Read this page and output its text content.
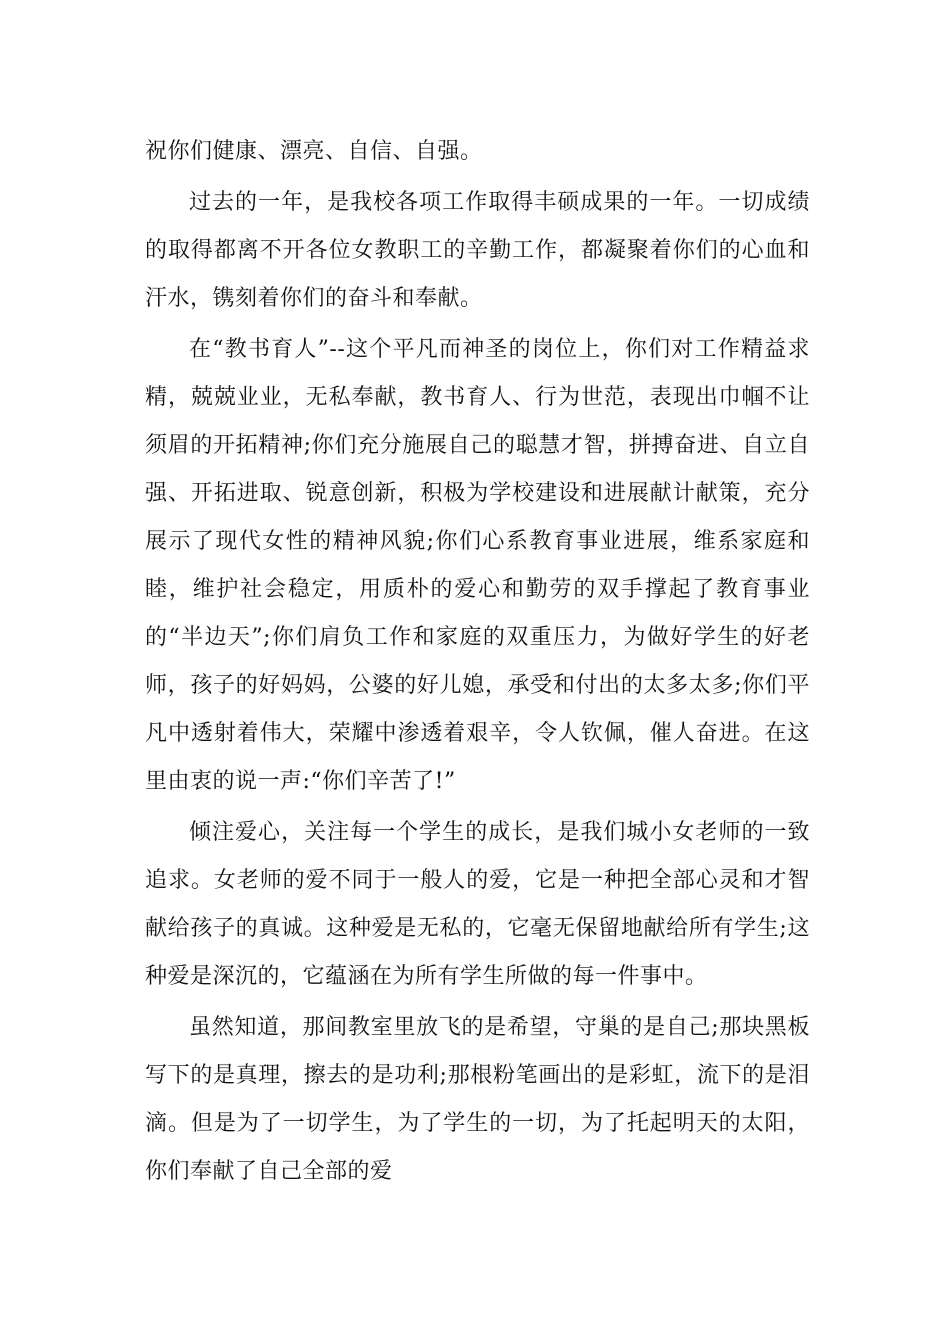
祝你们健康、漂亮、自信、自强。

过去的一年，是我校各项工作取得丰硕成果的一年。一切成绩的取得都离不开各位女教职工的辛勤工作，都凝聚着你们的心血和汗水，镌刻着你们的奋斗和奉献。

在“教书育人”--这个平凡而神圣的岗位上，你们对工作精益求精，兢兢业业，无私奉献，教书育人、行为世范，表现出巾帼不让须眉的开拓精神;你们充分施展自己的聪慧才智，拼搏奋进、自立自强、开拓进取、锐意创新，积极为学校建设和进展献计献策，充分展示了现代女性的精神风貌;你们心系教育事业进展，维系家庭和睦，维护社会稳定，用质朴的爱心和勤劳的双手撑起了教育事业的“半边天”;你们肩负工作和家庭的双重压力，为做好学生的好老师，孩子的好妈妈，公婆的好儿媳，承受和付出的太多太多;你们平凡中透射着伟大，荣耀中渗透着艰辛，令人钦佩，催人奋进。在这里由衷的说一声:“你们辛苦了!”

倾注爱心，关注每一个学生的成长，是我们城小女老师的一致追求。女老师的爱不同于一般人的爱，它是一种把全部心灵和才智献给孩子的真诚。这种爱是无私的，它毫无保留地献给所有学生;这种爱是深沉的，它蕴涵在为所有学生所做的每一件事中。

虽然知道，那间教室里放飞的是希望，守巢的是自己;那块黑板写下的是真理，擦去的是功利;那根粉笔画出的是彩虹，流下的是泪滴。但是为了一切学生，为了学生的一切，为了托起明天的太阳，你们奉献了自己全部的爱
